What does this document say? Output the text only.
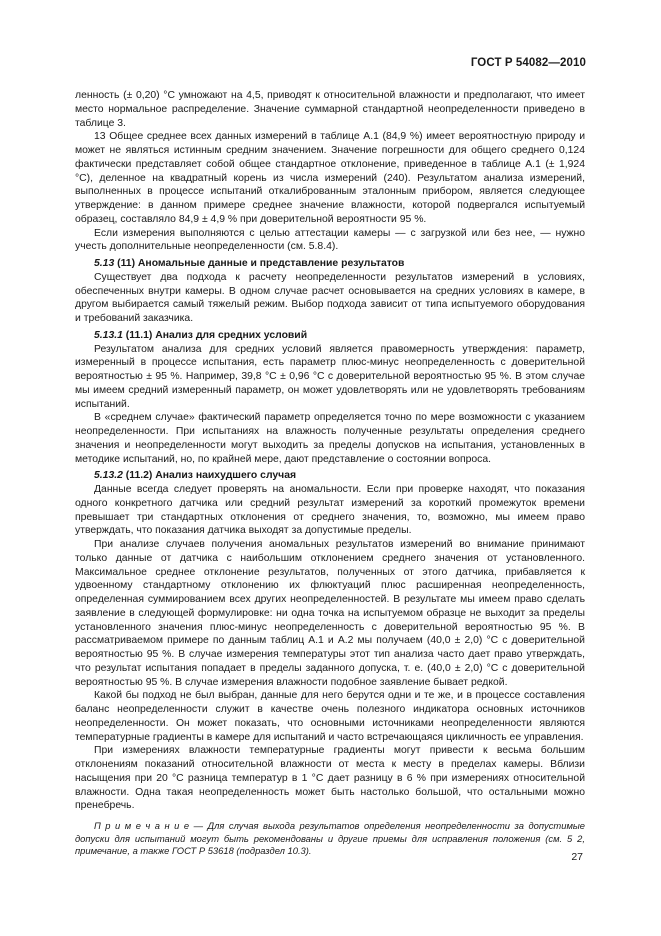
ГОСТ Р 54082—2010

ленность (± 0,20) °С умножают на 4,5, приводят к относительной влажности и предполагают, что имеет место нормальное распределение. Значение суммарной стандартной неопределенности приведено в таблице 3.

13 Общее среднее всех данных измерений в таблице А.1 (84,9 %) имеет вероятностную природу и может не являться истинным средним значением. Значение погрешности для общего среднего 0,124 фактически представляет собой общее стандартное отклонение, приведенное в таблице А.1 (± 1,924 °С), деленное на квадратный корень из числа измерений (240). Результатом анализа измерений, выполненных в процессе испытаний откалиброванным эталонным прибором, является следующее утверждение: в данном примере среднее значение влажности, которой подвергался испытуемый образец, составляло 84,9 ± 4,9 % при доверительной вероятности 95 %.

Если измерения выполняются с целью аттестации камеры — с загрузкой или без нее, — нужно учесть дополнительные неопределенности (см. 5.8.4).

5.13 (11) Аномальные данные и представление результатов

Существует два подхода к расчету неопределенности результатов измерений в условиях, обеспеченных внутри камеры. В одном случае расчет основывается на средних условиях в камере, в другом выбирается самый тяжелый режим. Выбор подхода зависит от типа испытуемого оборудования и требований заказчика.

5.13.1 (11.1) Анализ для средних условий

Результатом анализа для средних условий является правомерность утверждения: параметр, измеренный в процессе испытания, есть параметр плюс-минус неопределенность с доверительной вероятностью ± 95 %. Например, 39,8 °С ± 0,96 °С с доверительной вероятностью 95 %. В этом случае мы имеем средний измеренный параметр, он может удовлетворять или не удовлетворять требованиям испытаний.

В «среднем случае» фактический параметр определяется точно по мере возможности с указанием неопределенности. При испытаниях на влажность полученные результаты определения среднего значения и неопределенности могут выходить за пределы допусков на испытания, установленных в методике испытаний, но, по крайней мере, дают представление о состоянии вопроса.

5.13.2 (11.2) Анализ наихудшего случая

Данные всегда следует проверять на аномальности. Если при проверке находят, что показания одного конкретного датчика или средний результат измерений за короткий промежуток времени превышает три стандартных отклонения от среднего значения, то, возможно, мы имеем право утверждать, что показания датчика выходят за допустимые пределы.

При анализе случаев получения аномальных результатов измерений во внимание принимают только данные от датчика с наибольшим отклонением среднего значения от установленного. Максимальное среднее отклонение результатов, полученных от этого датчика, прибавляется к удвоенному стандартному отклонению их флюктуаций плюс расширенная неопределенность, определенная суммированием всех других неопределенностей. В результате мы имеем право сделать заявление в следующей формулировке: ни одна точка на испытуемом образце не выходит за пределы установленного значения плюс-минус неопределенность с доверительной вероятностью 95 %. В рассматриваемом примере по данным таблиц А.1 и А.2 мы получаем (40,0 ± 2,0) °С с доверительной вероятностью 95 %. В случае измерения температуры этот тип анализа часто дает право утверждать, что результат испытания попадает в пределы заданного допуска, т. е. (40,0 ± 2,0) °С с доверительной вероятностью 95 %. В случае измерения влажности подобное заявление бывает редкой.

Какой бы подход не был выбран, данные для него берутся одни и те же, и в процессе составления баланс неопределенности служит в качестве очень полезного индикатора основных источников неопределенности. Он может показать, что основными источниками неопределенности являются температурные градиенты в камере для испытаний и часто встречающаяся цикличность ее управления.

При измерениях влажности температурные градиенты могут привести к весьма большим отклонениям показаний относительной влажности от места к месту в пределах камеры. Вблизи насыщения при 20 °С разница температур в 1 °С дает разницу в 6 % при измерениях относительной влажности. Одна такая неопределенность может быть настолько большой, что остальными можно пренебречь.

П р и м е ч а н и е — Для случая выхода результатов определения неопределенности за допустимые допуски для испытаний могут быть рекомендованы и другие приемы для исправления положения (см. 5 2, примечание, а также ГОСТ Р 53618 (подраздел 10.3).

27
